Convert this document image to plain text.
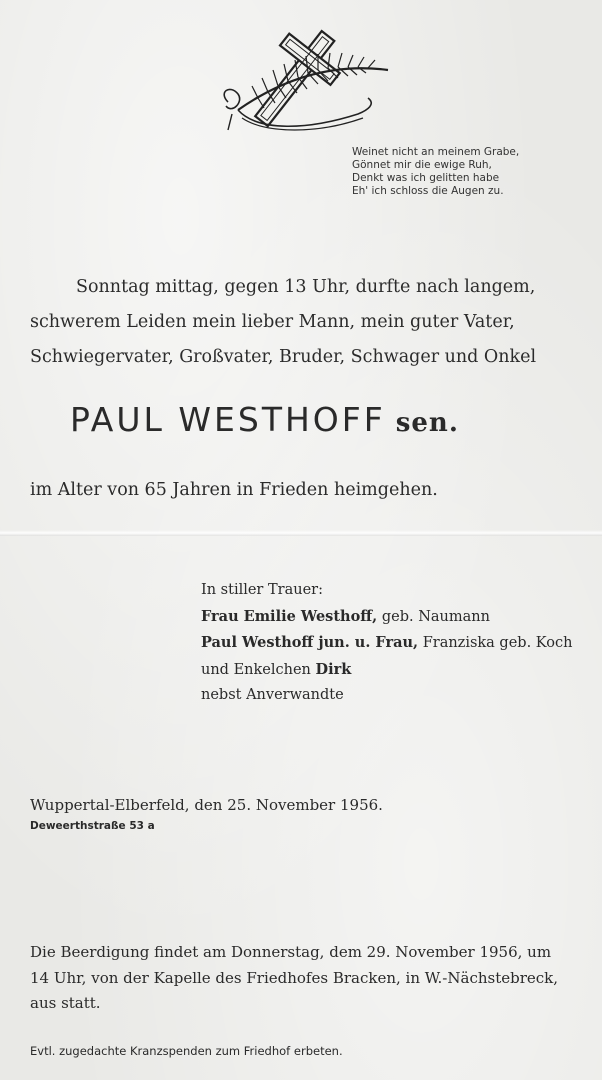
Weinet nicht an meinem Grabe,
Gönnet mir die ewige Ruh,
Denkt was ich gelitten habe
Eh' ich schloss die Augen zu.
Sonntag mittag, gegen 13 Uhr, durfte nach langem,
schwerem Leiden mein lieber Mann, mein guter Vater,
Schwiegervater, Großvater, Bruder, Schwager und Onkel
PAUL WESTHOFF sen.
im Alter von 65 Jahren in Frieden heimgehen.
In stiller Trauer:
Frau Emilie Westhoff, geb. Naumann
Paul Westhoff jun. u. Frau, Franziska geb. Koch
und Enkelchen Dirk
nebst Anverwandte
Wuppertal-Elberfeld, den 25. November 1956.
Deweerthstraße 53 a
Die Beerdigung findet am Donnerstag, dem 29. November 1956, um
14 Uhr, von der Kapelle des Friedhofes Bracken, in W.-Nächstebreck,
aus statt.
Evtl. zugedachte Kranzspenden zum Friedhof erbeten.
